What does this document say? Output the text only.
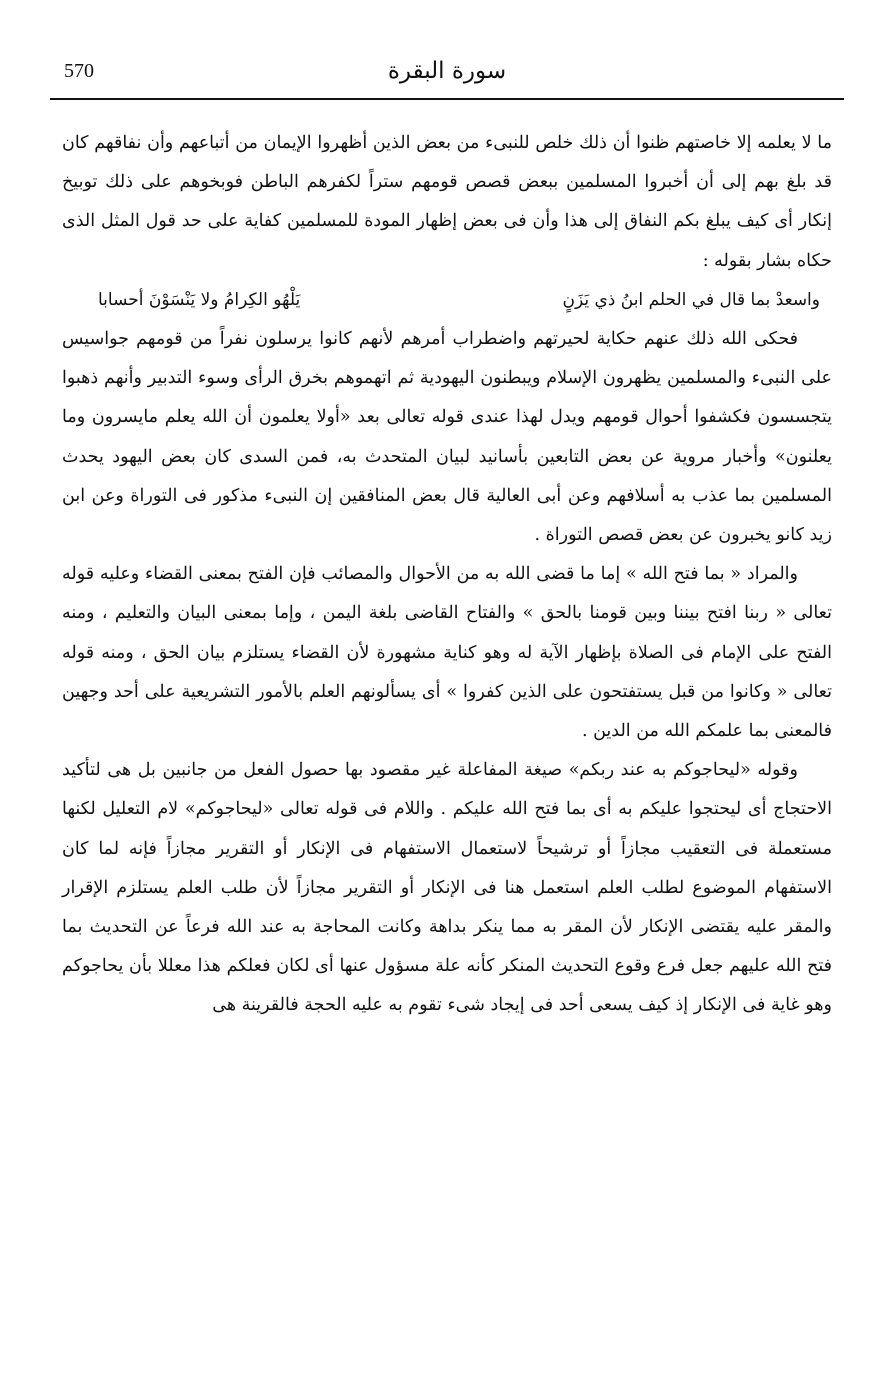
570	سورة البقرة

ما لا يعلمه إلا خاصتهم ظنوا أن ذلك خلص للنبىء من بعض الذين أظهروا الإيمان من أتباعهم وأن نفاقهم كان قد بلغ بهم إلى أن أخبروا المسلمين ببعض قصص قومهم ستراً لكفرهم الباطن فوبخوهم على ذلك توبيخ إنكار أى كيف يبلغ بكم النفاق إلى هذا وأن فى بعض إظهار المودة للمسلمين كفاية على حد قول المثل الذى حكاه بشار بقوله :

واسعدْ بما قال في الحلم ابنُ ذي يَزَنٍ
يَلْهُو الكِرامُ ولا يَنْسَوْنَ أحسابا

فحكى الله ذلك عنهم حكاية لحيرتهم واضطراب أمرهم لأنهم كانوا يرسلون نفراً من قومهم جواسيس على النبىء والمسلمين يظهرون الإسلام ويبطنون اليهودية ثم اتهموهم بخرق الرأى وسوء التدبير وأنهم ذهبوا يتجسسون فكشفوا أحوال قومهم ويدل لهذا عندى قوله تعالى بعد «أولا يعلمون أن الله يعلم مايسرون وما يعلنون» وأخبار مروية عن بعض التابعين بأسانيد لبيان المتحدث به، فمن السدى كان بعض اليهود يحدث المسلمين بما عذب به أسلافهم وعن أبى العالية قال بعض المنافقين إن النبىء مذكور فى التوراة وعن ابن زيد كانو يخبرون عن بعض قصص التوراة .

والمراد « بما فتح الله » إما ما قضى الله به من الأحوال والمصائب فإن الفتح بمعنى القضاء وعليه قوله تعالى « ربنا افتح بيننا وبين قومنا بالحق » والفتاح القاضى بلغة اليمن ، وإما بمعنى البيان والتعليم ، ومنه الفتح على الإمام فى الصلاة بإظهار الآية له وهو كناية مشهورة لأن القضاء يستلزم بيان الحق ، ومنه قوله تعالى « وكانوا من قبل يستفتحون على الذين كفروا » أى يسألونهم العلم بالأمور التشريعية على أحد وجهين فالمعنى بما علمكم الله من الدين .

وقوله «ليحاجوكم به عند ربكم» صيغة المفاعلة غير مقصود بها حصول الفعل من جانبين بل هى لتأكيد الاحتجاج أى ليحتجوا عليكم به أى بما فتح الله عليكم . واللام فى قوله تعالى «ليحاجوكم» لام التعليل لكنها مستعملة فى التعقيب مجازاً أو ترشيحاً لاستعمال الاستفهام فى الإنكار أو التقرير مجازاً فإنه لما كان الاستفهام الموضوع لطلب العلم استعمل هنا فى الإنكار أو التقرير مجازاً لأن طلب العلم يستلزم الإقرار والمقر عليه يقتضى الإنكار لأن المقر به مما ينكر بداهة وكانت المحاجة به عند الله فرعاً عن التحديث بما فتح الله عليهم جعل فرع وقوع التحديث المنكر كأنه علة مسؤول عنها أى لكان فعلكم هذا معللا بأن يحاجوكم وهو غاية فى الإنكار إذ كيف يسعى أحد فى إيجاد شىء تقوم به عليه الحجة فالقرينة هى
